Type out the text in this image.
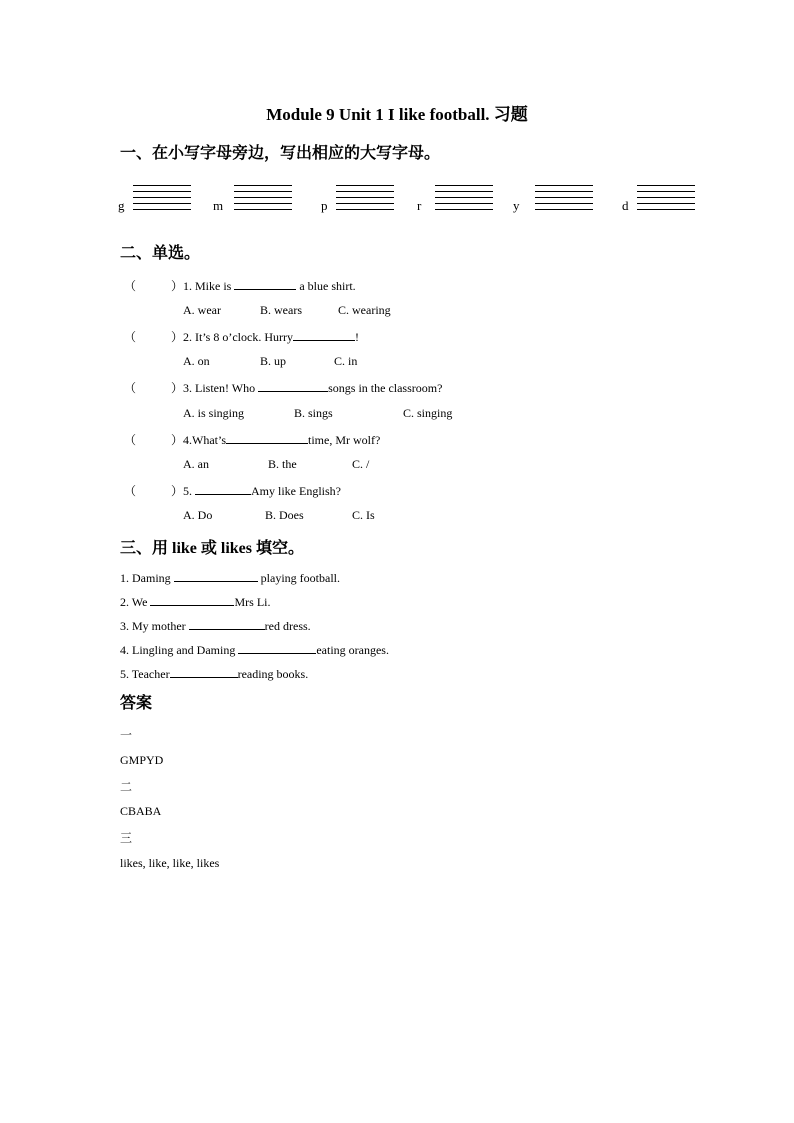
Module 9 Unit 1 I like football. 习题
一、在小写字母旁边，写出相应的大写字母。
g	m	p	r	y	d
二、单选。
（	）1. Mike is	a blue shirt.
A. wear	B. wears	C. wearing
（	）2. It’s 8 o’clock. Hurry	!
A. on	B. up	C. in
（	）3. Listen! Who	songs in the classroom?
A. is singing	B. sings	C. singing
（	）4.What’s	time, Mr wolf?
A. an	B. the	C. /
（	）5.	Amy like English?
A. Do	B. Does	C. Is
三、用 like 或 likes 填空。
1. Daming	playing football.
2. We	Mrs Li.
3. My mother	red dress.
4. Lingling and Daming	eating oranges.
5. Teacher	reading books.
答案
一
GMPYD
二
CBABA
三
likes, like, like, likes
